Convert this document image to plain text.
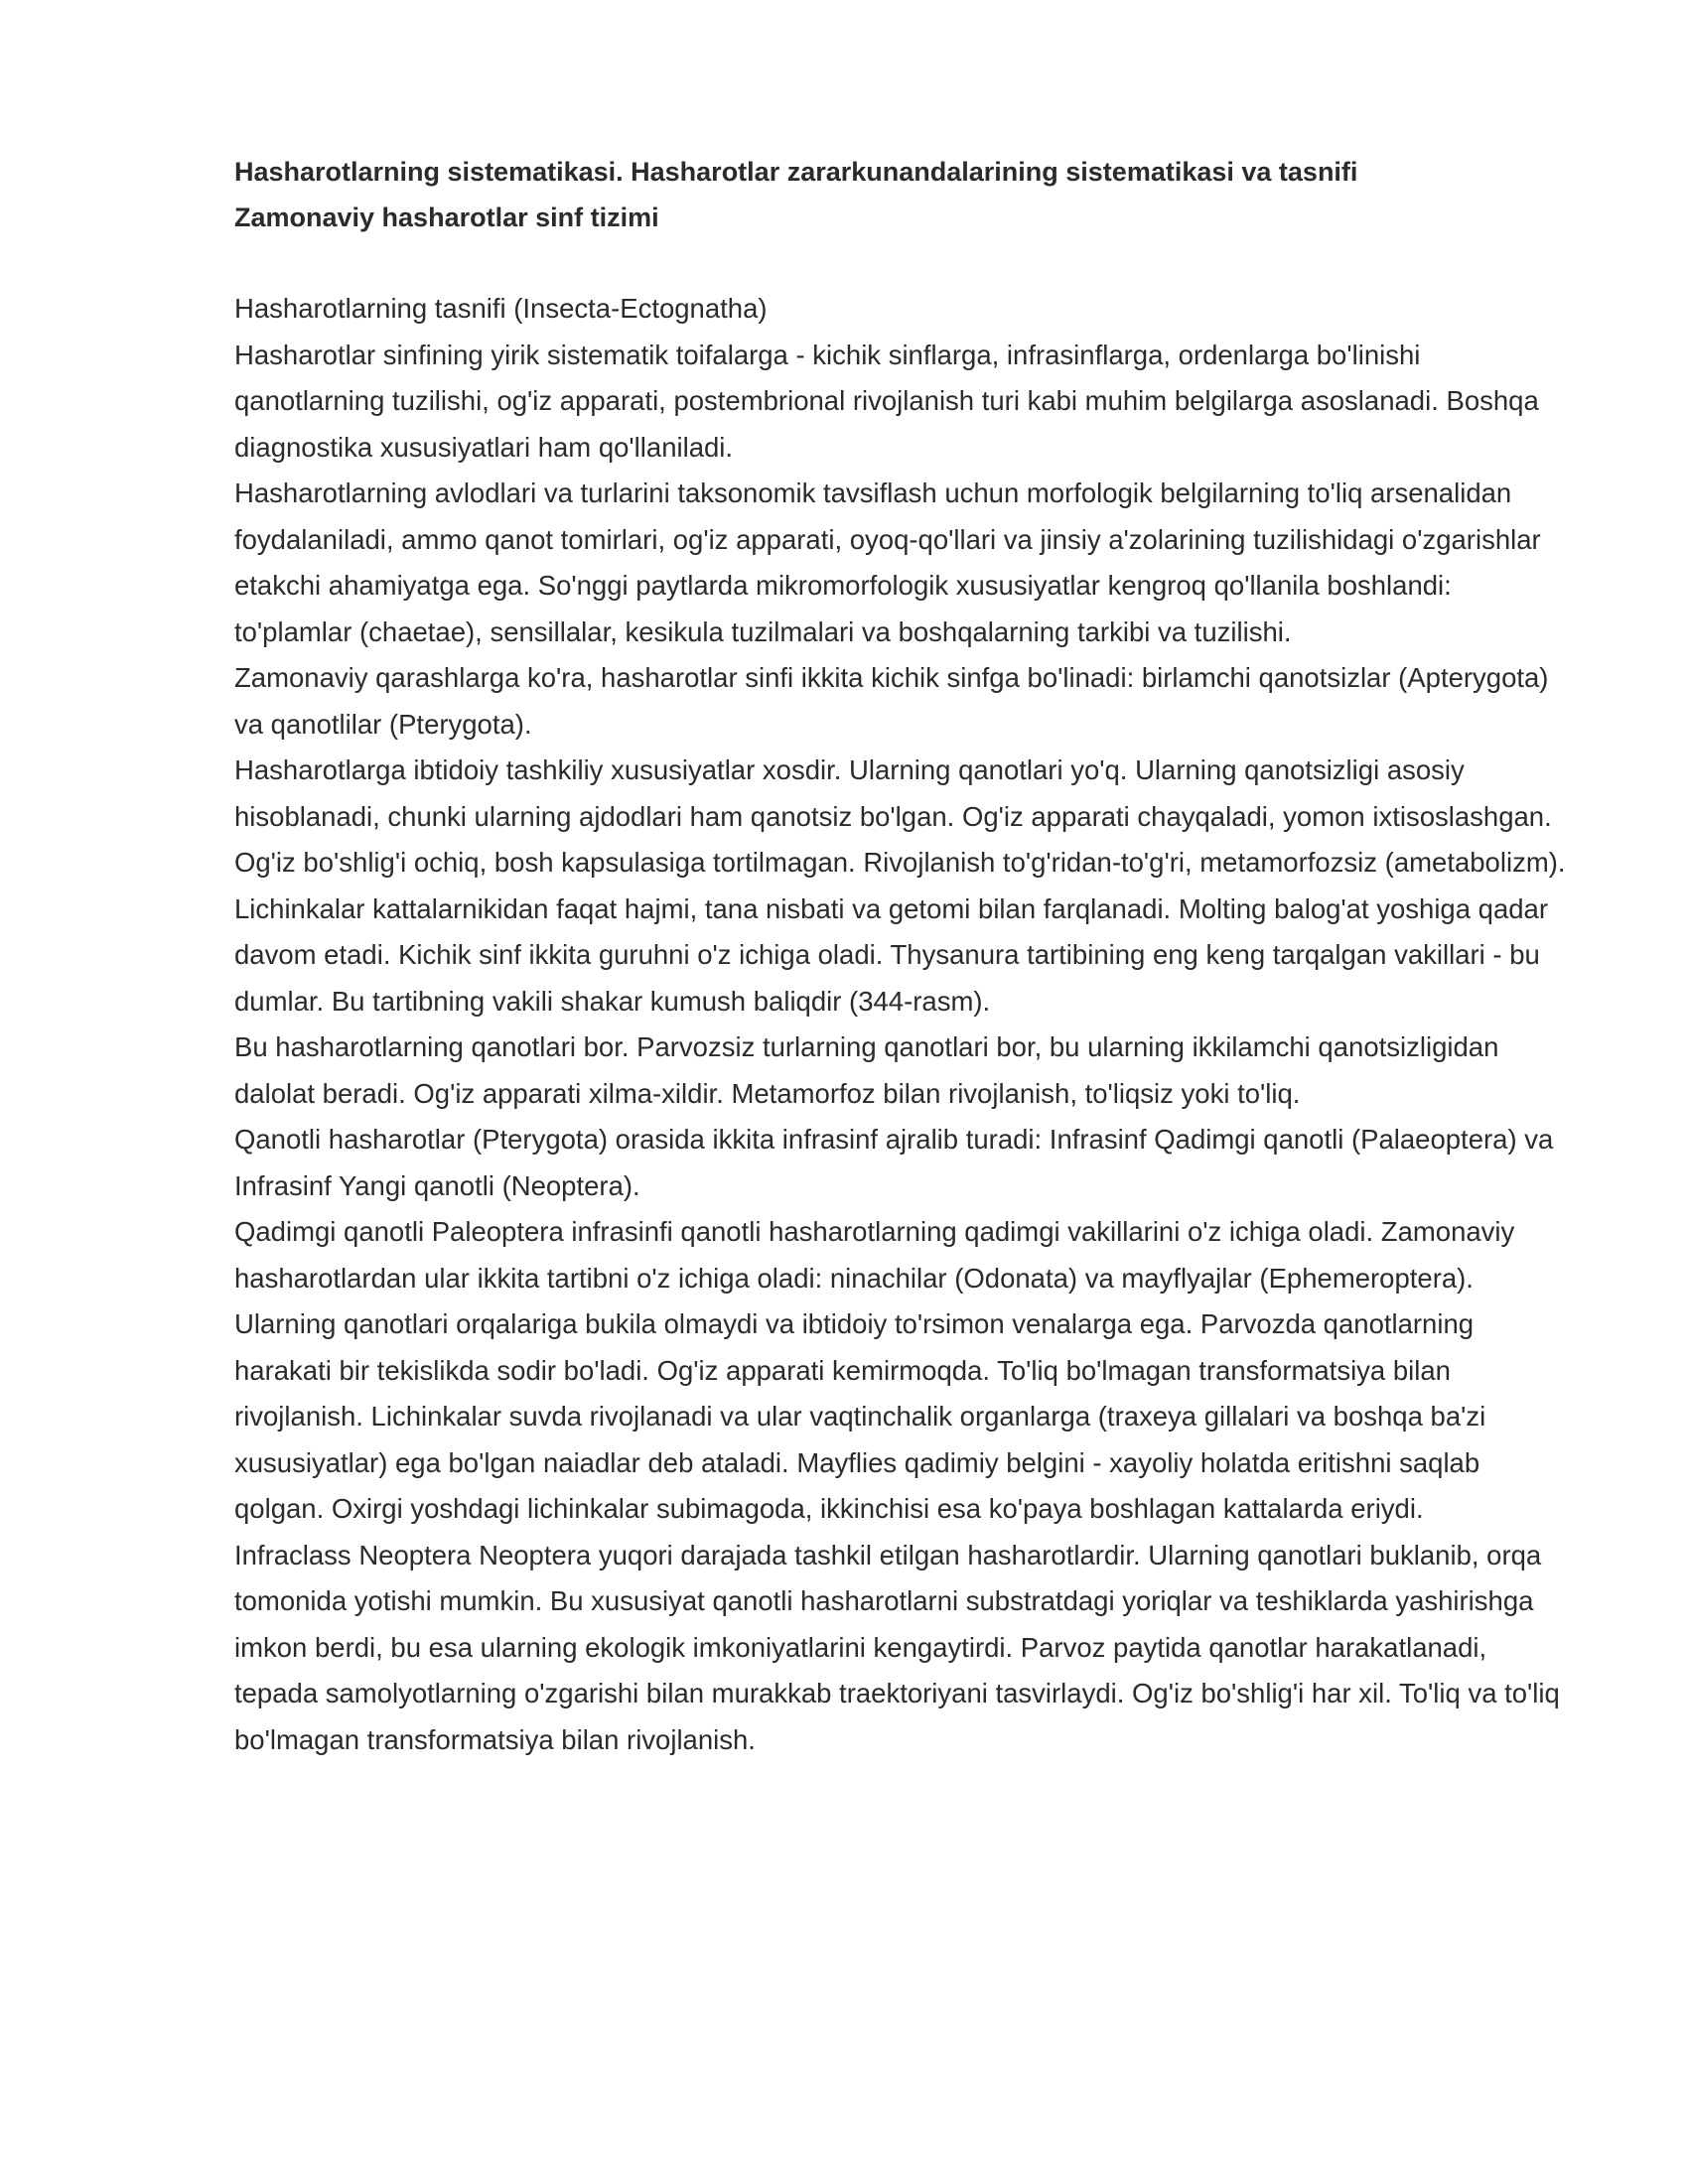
Hasharotlarning sistematikasi. Hasharotlar zararkunandalarining sistematikasi va tasnifi
Zamonaviy hasharotlar sinf tizimi

Hasharotlarning tasnifi (Insecta-Ectognatha)

Hasharotlar sinfining yirik sistematik toifalarga - kichik sinflarga, infrasinflarga, ordenlarga bo'linishi qanotlarning tuzilishi, og'iz apparati, postembrional rivojlanish turi kabi muhim belgilarga asoslanadi. Boshqa diagnostika xususiyatlari ham qo'llaniladi.

Hasharotlarning avlodlari va turlarini taksonomik tavsiflash uchun morfologik belgilarning to'liq arsenalidan foydalaniladi, ammo qanot tomirlari, og'iz apparati, oyoq-qo'llari va jinsiy a'zolarining tuzilishidagi o'zgarishlar etakchi ahamiyatga ega. So'nggi paytlarda mikromorfologik xususiyatlar kengroq qo'llanila boshlandi: to'plamlar (chaetae), sensillalar, kesikula tuzilmalari va boshqalarning tarkibi va tuzilishi.

Zamonaviy qarashlarga ko'ra, hasharotlar sinfi ikkita kichik sinfga bo'linadi: birlamchi qanotsizlar (Apterygota) va qanotlilar (Pterygota).

Hasharotlarga ibtidoiy tashkiliy xususiyatlar xosdir. Ularning qanotlari yo'q. Ularning qanotsizligi asosiy hisoblanadi, chunki ularning ajdodlari ham qanotsiz bo'lgan. Og'iz apparati chayqaladi, yomon ixtisoslashgan. Og'iz bo'shlig'i ochiq, bosh kapsulasiga tortilmagan. Rivojlanish to'g'ridan-to'g'ri, metamorfozsiz (ametabolizm). Lichinkalar kattalarnikidan faqat hajmi, tana nisbati va getomi bilan farqlanadi. Molting balog'at yoshiga qadar davom etadi. Kichik sinf ikkita guruhni o'z ichiga oladi. Thysanura tartibining eng keng tarqalgan vakillari - bu dumlar. Bu tartibning vakili shakar kumush baliqdir (344-rasm).

Bu hasharotlarning qanotlari bor. Parvozsiz turlarning qanotlari bor, bu ularning ikkilamchi qanotsizligidan dalolat beradi. Og'iz apparati xilma-xildir. Metamorfoz bilan rivojlanish, to'liqsiz yoki to'liq.

Qanotli hasharotlar (Pterygota) orasida ikkita infrasinf ajralib turadi: Infrasinf Qadimgi qanotli (Palaeoptera) va Infrasinf Yangi qanotli (Neoptera).

Qadimgi qanotli Paleoptera infrasinfi qanotli hasharotlarning qadimgi vakillarini o'z ichiga oladi. Zamonaviy hasharotlardan ular ikkita tartibni o'z ichiga oladi: ninachilar (Odonata) va mayflyajlar (Ephemeroptera). Ularning qanotlari orqalariga bukila olmaydi va ibtidoiy to'rsimon venalarga ega. Parvozda qanotlarning harakati bir tekislikda sodir bo'ladi. Og'iz apparati kemirmoqda. To'liq bo'lmagan transformatsiya bilan rivojlanish. Lichinkalar suvda rivojlanadi va ular vaqtinchalik organlarga (traxeya gillalari va boshqa ba'zi xususiyatlar) ega bo'lgan naiadlar deb ataladi. Mayflies qadimiy belgini - xayoliy holatda eritishni saqlab qolgan. Oxirgi yoshdagi lichinkalar subimagoda, ikkinchisi esa ko'paya boshlagan kattalarda eriydi.

Infraclass Neoptera Neoptera yuqori darajada tashkil etilgan hasharotlardir. Ularning qanotlari buklanib, orqa tomonida yotishi mumkin. Bu xususiyat qanotli hasharotlarni substratdagi yoriqlar va teshiklarda yashirishga imkon berdi, bu esa ularning ekologik imkoniyatlarini kengaytirdi. Parvoz paytida qanotlar harakatlanadi, tepada samolyotlarning o'zgarishi bilan murakkab traektoriyani tasvirlaydi. Og'iz bo'shlig'i har xil. To'liq va to'liq bo'lmagan transformatsiya bilan rivojlanish.
